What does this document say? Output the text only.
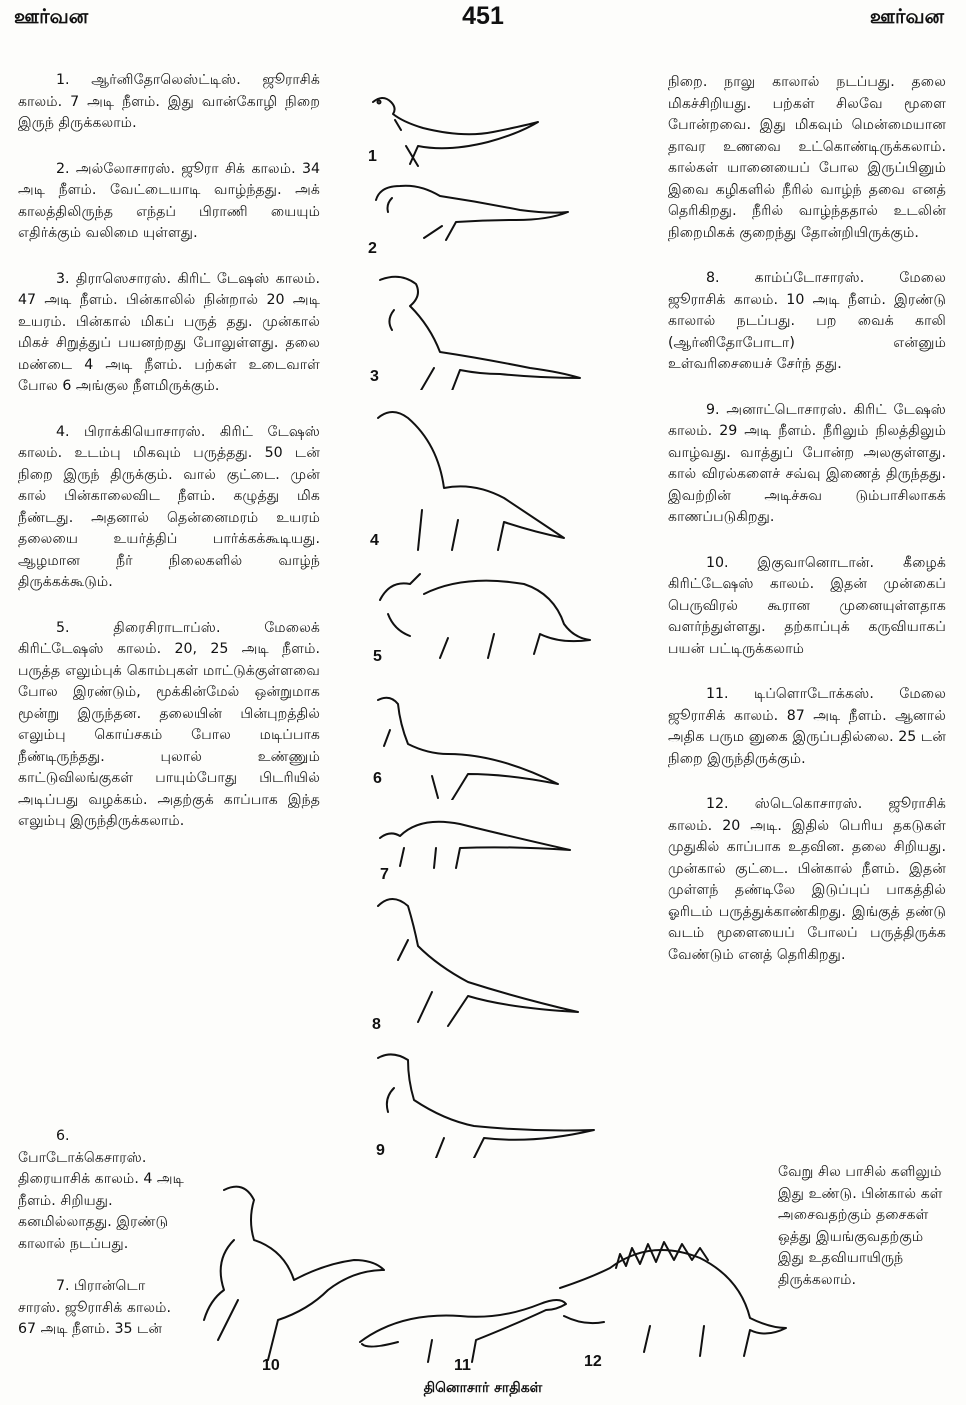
ஊர்வன	451	ஊர்வன

1. ஆர்னிதோலெஸ்ட்டிஸ். ஜூராசிக் காலம். 7 அடி நீளம். இது வான்கோழி நிறை இருந் திருக்கலாம்.

2. அல்லோசாரஸ். ஜூரா சிக் காலம். 34 அடி நீளம். வேட்டையாடி வாழ்ந்தது. அக் காலத்திலிருந்த எந்தப் பிராணி யையும் எதிர்க்கும் வலிமை யுள்ளது.

3. திராஸெசாரஸ். கிரிட் டேஷஸ் காலம். 47 அடி நீளம். பின்காலில் நின்றால் 20 அடி உயரம். பின்கால் மிகப் பருத் தது. முன்கால் மிகச் சிறுத்துப் பயனற்றது போலுள்ளது. தலை மண்டை 4 அடி நீளம். பற்கள் உடைவாள் போல 6 அங்குல நீளமிருக்கும்.

4. பிராக்கியொசாரஸ். கிரிட் டேஷஸ் காலம். உடம்பு மிகவும் பருத்தது. 50 டன் நிறை இருந் திருக்கும். வால் குட்டை. முன் கால் பின்காலைவிட நீளம். கழுத்து மிக நீண்டது. அதனால் தென்னைமரம் உயரம் தலையை உயர்த்திப் பார்க்கக்கூடியது. ஆழமான நீர் நிலைகளில் வாழ்ந் திருக்கக்கூடும்.

5. திரைசிராடாப்ஸ். மேலைக் கிரிட்டேஷஸ் காலம். 20, 25 அடி நீளம். பருத்த எலும்புக் கொம்புகள் மாட்டுக்குள்ளவை போல இரண்டும், மூக்கின்மேல் ஒன்றுமாக மூன்று இருந்தன. தலையின் பின்புறத்தில் எலும்பு கொய்சகம் போல மடிப்பாக நீண்டிருந்தது. புலால் உண்ணும் காட்டுவிலங்குகள் பாயும்போது பிடரியில் அடிப்பது வழக்கம். அதற்குக் காப்பாக இந்த எலும்பு இருந்திருக்கலாம்.

6. போடோக்கெசாரஸ். திரையாசிக் காலம். 4 அடி நீளம். சிறியது. கனமில்லாதது. இரண்டு காலால் நடப்பது.

7. பிரான்டொ சாரஸ். ஜூராசிக் காலம். 67 அடி நீளம். 35 டன்

நிறை. நாலு காலால் நடப்பது. தலை மிகச்சிறியது. பற்கள் சிலவே மூளை போன்றவை. இது மிகவும் மென்மையான தாவர உணவை உட்கொண்டிருக்கலாம். கால்கள் யானையைப் போல இருப்பினும் இவை கழிகளில் நீரில் வாழ்ந் தவை எனத் தெரிகிறது. நீரில் வாழ்ந்ததால் உடலின் நிறைமிகக் குறைந்து தோன்றியிருக்கும்.

8. காம்ப்டோசாரஸ். மேலை ஜூராசிக் காலம். 10 அடி நீளம். இரண்டு காலால் நடப்பது. பற வைக் காலி (ஆர்னிதோபோடா) என்னும் உள்வரிசையைச் சேர்ந் தது.

9. அனாட்டொசாரஸ். கிரிட் டேஷஸ் காலம். 29 அடி நீளம். நீரிலும் நிலத்திலும் வாழ்வது. வாத்துப் போன்ற அலகுள்ளது. கால் விரல்களைச் சவ்வு இணைத் திருந்தது. இவற்றின் அடிச்சுவ டும்பாசிலாகக் காணப்படுகிறது.

10. இகுவானொடான். கீழைக் கிரிட்டேஷஸ் காலம். இதன் முன்கைப் பெருவிரல் கூரான முனையுள்ளதாக வளர்ந்துள்ளது. தற்காப்புக் கருவியாகப் பயன் பட்டிருக்கலாம்

11. டிப்ளொடோக்கஸ். மேலை ஜூராசிக் காலம். 87 அடி நீளம். ஆனால் அதிக பரும னுகை இருப்பதில்லை. 25 டன் நிறை இருந்திருக்கும்.

12. ஸ்டெகொசாரஸ். ஜூராசிக் காலம். 20 அடி. இதில் பெரிய தகடுகள் முதுகில் காப்பாக உதவின. தலை சிறியது. முன்கால் குட்டை. பின்கால் நீளம். இதன் முள்ளந் தண்டிலே இடுப்புப் பாகத்தில் ஓரிடம் பருத்துக்காண்கிறது. இங்குத் தண்டு வடம் மூளையைப் போலப் பருத்திருக்க வேண்டும் எனத் தெரிகிறது.

வேறு சில பாசில் களிலும் இது உண்டு. பின்கால் கள் அசைவதற்கும் தசைகள் ஒத்து இயங்குவதற்கும் இது உதவியாயிருந் திருக்கலாம்.
1
2
3
4
5
6
7
8
9
10	11	12
தினொசார் சாதிகள்
